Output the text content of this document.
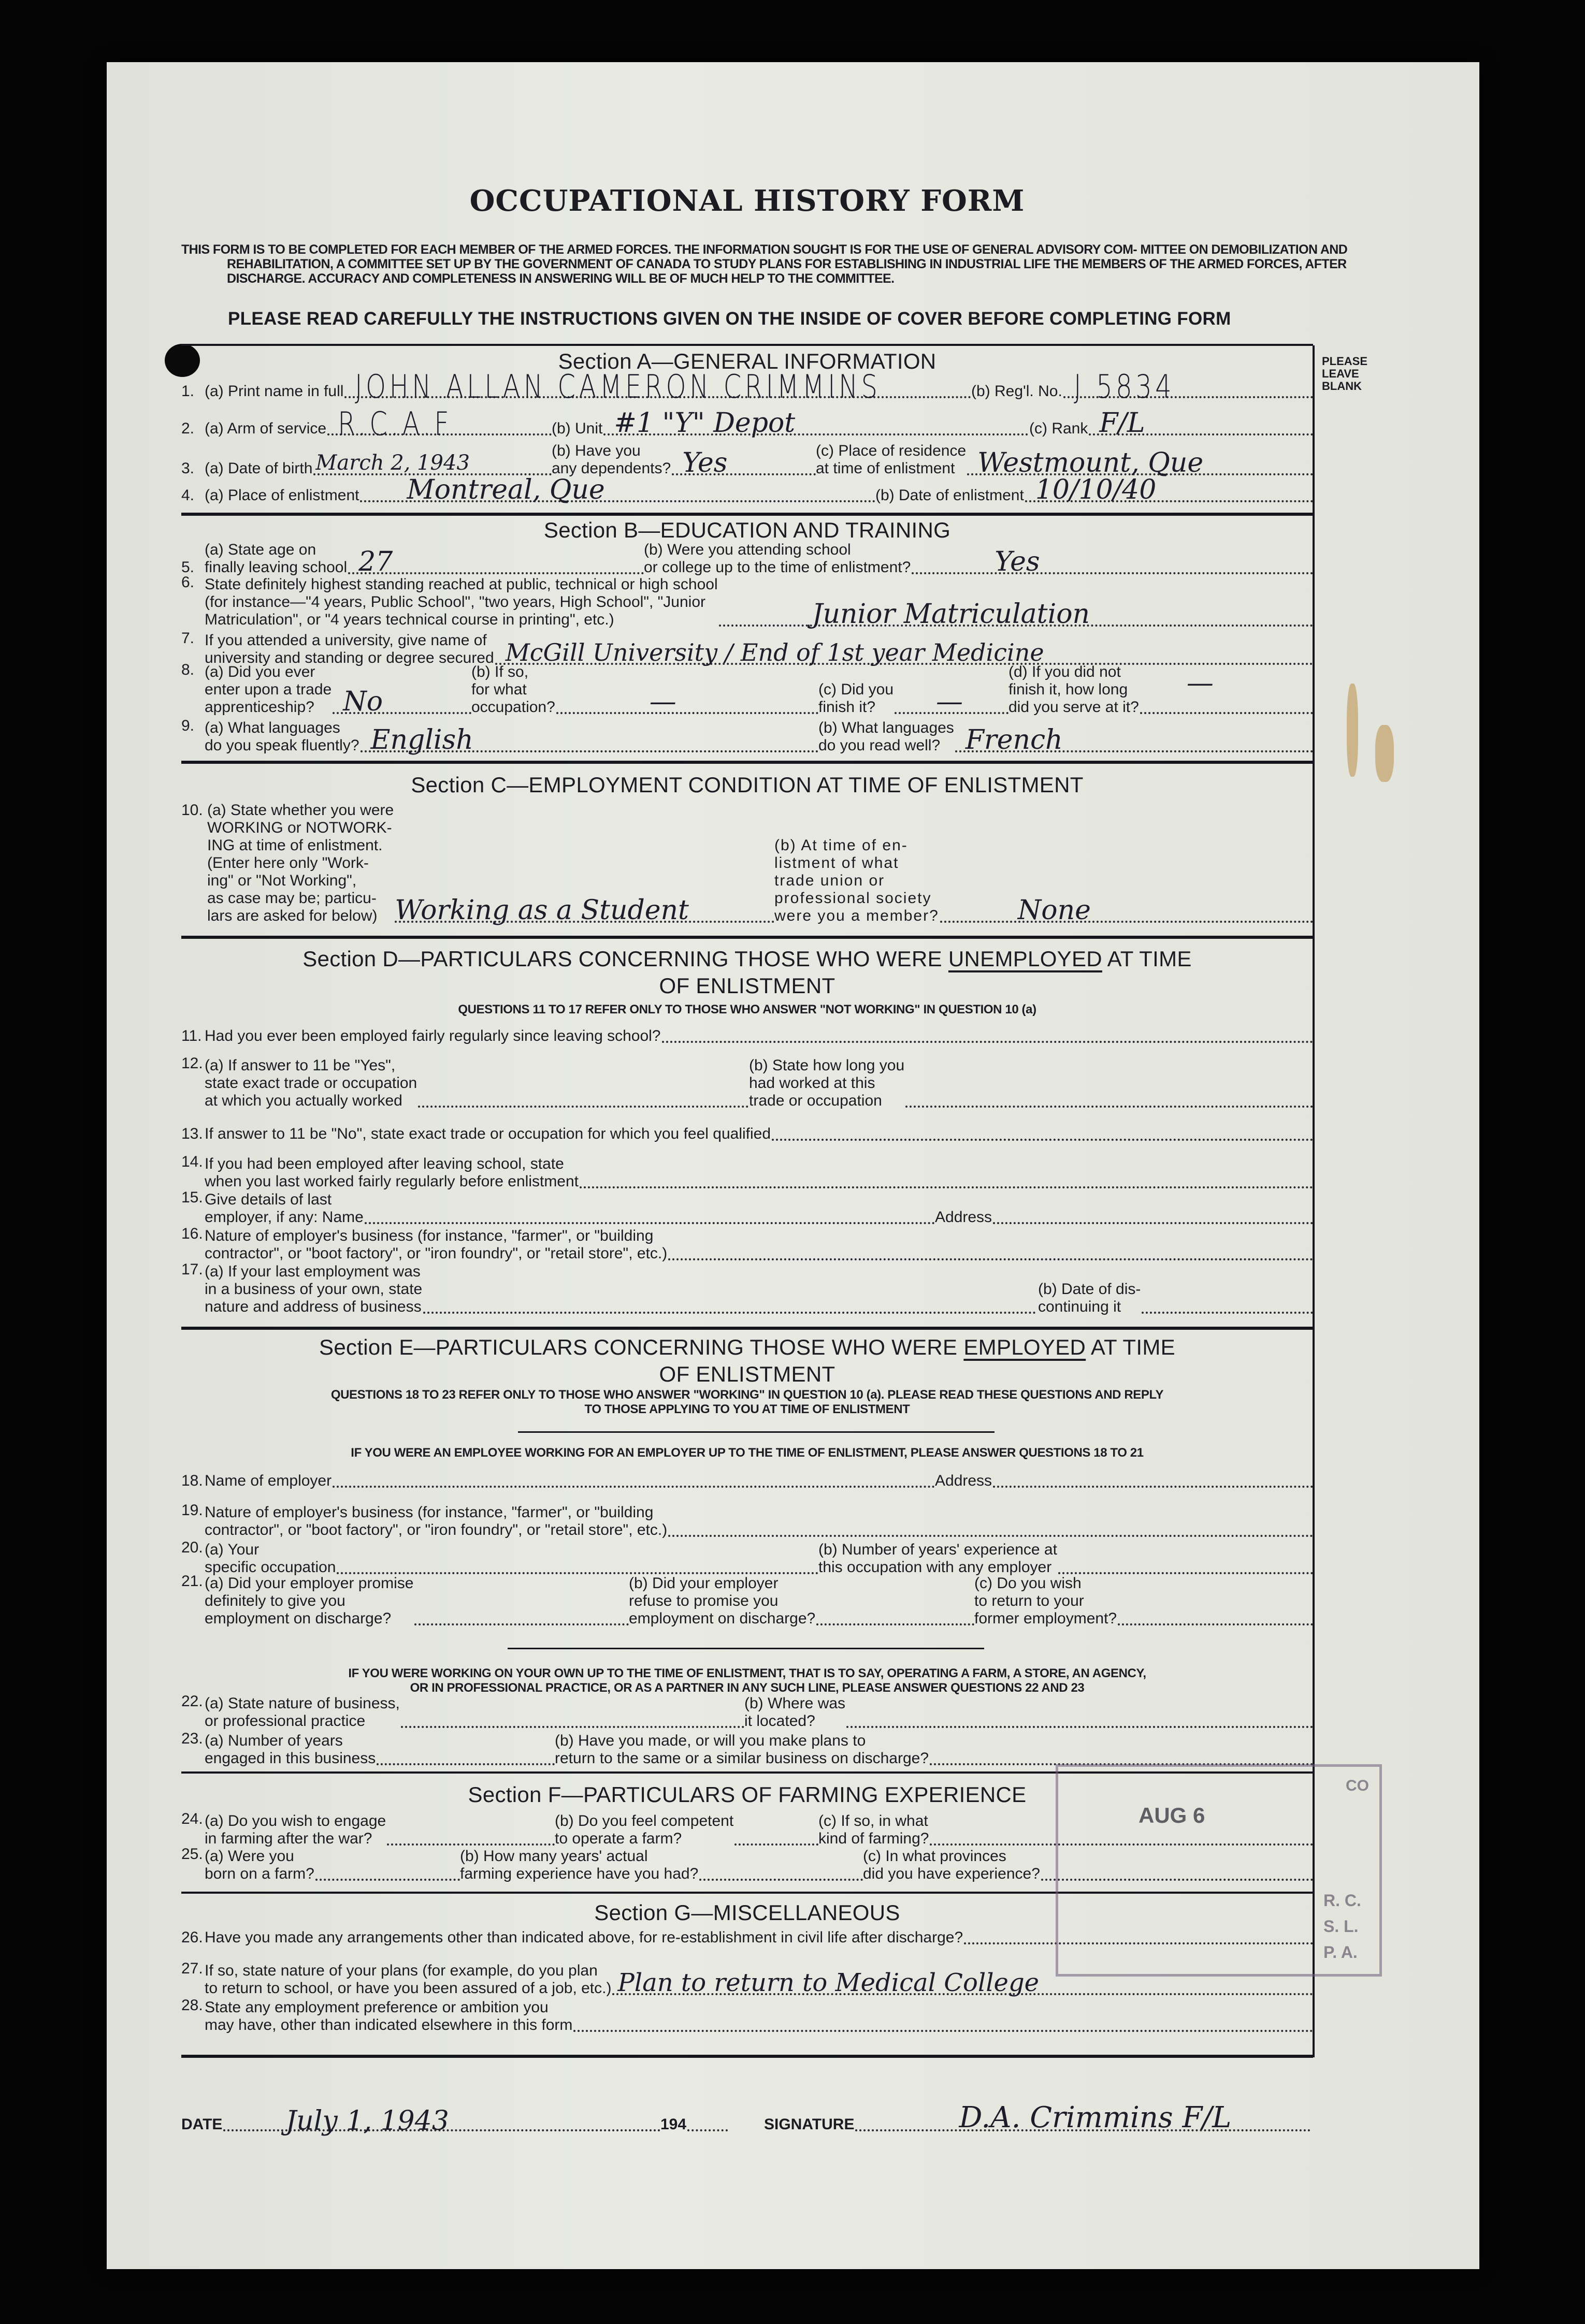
OCCUPATIONAL HISTORY FORM
THIS FORM IS TO BE COMPLETED FOR EACH MEMBER OF THE ARMED FORCES. THE INFORMATION SOUGHT IS FOR THE USE OF GENERAL ADVISORY COM- MITTEE ON DEMOBILIZATION AND REHABILITATION, A COMMITTEE SET UP BY THE GOVERNMENT OF CANADA TO STUDY PLANS FOR ESTABLISHING IN INDUSTRIAL LIFE THE MEMBERS OF THE ARMED FORCES, AFTER DISCHARGE. ACCURACY AND COMPLETENESS IN ANSWERING WILL BE OF MUCH HELP TO THE COMMITTEE.
PLEASE READ CAREFULLY THE INSTRUCTIONS GIVEN ON THE INSIDE OF COVER BEFORE COMPLETING FORM
PLEASE
LEAVE
BLANK
Section A—GENERAL INFORMATION
1. (a) Print name in full JOHN ALLAN CAMERON CRIMMINS	(b) Reg'l. No. J 5834
2. (a) Arm of service R.C.A.F	(b) Unit #1 "Y" Depot	(c) Rank F/L
3. (a) Date of birth March 2, 1943
(b) Have you
any dependents? Yes	(c) Place of residence
at time of enlistment Westmount, Que
4. (a) Place of enlistment Montreal, Que	(b) Date of enlistment 10/10/40
Section B—EDUCATION AND TRAINING
5.
(a) State age on
finally leaving school 27	(b) Were you attending school
or college up to the time of enlistment?	Yes
6. State definitely highest standing reached at public, technical or high school
(for instance—"4 years, Public School", "two years, High School", "Junior
Matriculation", or "4 years technical course in printing", etc.)	Junior Matriculation
7. If you attended a university, give name of
university and standing or degree secured McGill University / End of 1st year Medicine
8. (a) Did you ever
enter upon a trade
apprenticeship?	No
(b) If so,
for what
occupation?	—	(c) Did you
finish it?	—
(d) If you did not
finish it, how long
did you serve at it?
—
9. (a) What languages
do you speak fluently? English	(b) What languages
do you read well? French
Section C—EMPLOYMENT CONDITION AT TIME OF ENLISTMENT
10. (a) State whether you were
WORKING or NOTWORK-
ING at time of enlistment.
(Enter here only "Work-
ing" or "Not Working",
as case may be; particu-
lars are asked for below) Working as a Student
(b) At time of en-
listment of what
trade union or
professional society
were you a member?	None
Section D—PARTICULARS CONCERNING THOSE WHO WERE UNEMPLOYED AT TIME
OF ENLISTMENT
QUESTIONS 11 TO 17 REFER ONLY TO THOSE WHO ANSWER "NOT WORKING" IN QUESTION 10 (a)
11. Had you ever been employed fairly regularly since leaving school?
12. (a) If answer to 11 be "Yes",
state exact trade or occupation
at which you actually worked
(b) State how long you
had worked at this
trade or occupation
13. If answer to 11 be "No", state exact trade or occupation for which you feel qualified
14. If you had been employed after leaving school, state
when you last worked fairly regularly before enlistment
15. Give details of last
employer, if any: Name	Address
16. Nature of employer's business (for instance, "farmer", or "building
contractor", or "boot factory", or "iron foundry", or "retail store", etc.)
17. (a) If your last employment was
in a business of your own, state
nature and address of business
(b) Date of dis-
continuing it
Section E—PARTICULARS CONCERNING THOSE WHO WERE EMPLOYED AT TIME
OF ENLISTMENT
QUESTIONS 18 TO 23 REFER ONLY TO THOSE WHO ANSWER "WORKING" IN QUESTION 10 (a). PLEASE READ THESE QUESTIONS AND REPLY
TO THOSE APPLYING TO YOU AT TIME OF ENLISTMENT
IF YOU WERE AN EMPLOYEE WORKING FOR AN EMPLOYER UP TO THE TIME OF ENLISTMENT, PLEASE ANSWER QUESTIONS 18 TO 21
18. Name of employer	Address
19. Nature of employer's business (for instance, "farmer", or "building
contractor", or "boot factory", or "iron foundry", or "retail store", etc.)
20. (a) Your
specific occupation
(b) Number of years' experience at
this occupation with any employer
21. (a) Did your employer promise
definitely to give you
employment on discharge?
(b) Did your employer
refuse to promise you
employment on discharge?
(c) Do you wish
to return to your
former employment?
IF YOU WERE WORKING ON YOUR OWN UP TO THE TIME OF ENLISTMENT, THAT IS TO SAY, OPERATING A FARM, A STORE, AN AGENCY,
OR IN PROFESSIONAL PRACTICE, OR AS A PARTNER IN ANY SUCH LINE, PLEASE ANSWER QUESTIONS 22 AND 23
22. (a) State nature of business,
or professional practice
(b) Where was
it located?
23. (a) Number of years
engaged in this business
(b) Have you made, or will you make plans to
return to the same or a similar business on discharge?
Section F—PARTICULARS OF FARMING EXPERIENCE
24. (a) Do you wish to engage
in farming after the war?
(b) Do you feel competent
to operate a farm?
(c) If so, in what
kind of farming?
25. (a) Were you
born on a farm?
(b) How many years' actual
farming experience have you had?
(c) In what provinces
did you have experience?
Section G—MISCELLANEOUS
26. Have you made any arrangements other than indicated above, for re-establishment in civil life after discharge?
27. If so, state nature of your plans (for example, do you plan
to return to school, or have you been assured of a job, etc.) Plan to return to Medical College
28. State any employment preference or ambition you
may have, other than indicated elsewhere in this form
DATE July 1, 1943	194	SIGNATURE	D.A. Crimmins F/L
AUG 6
CO
R. C.
S. L.
P. A.
